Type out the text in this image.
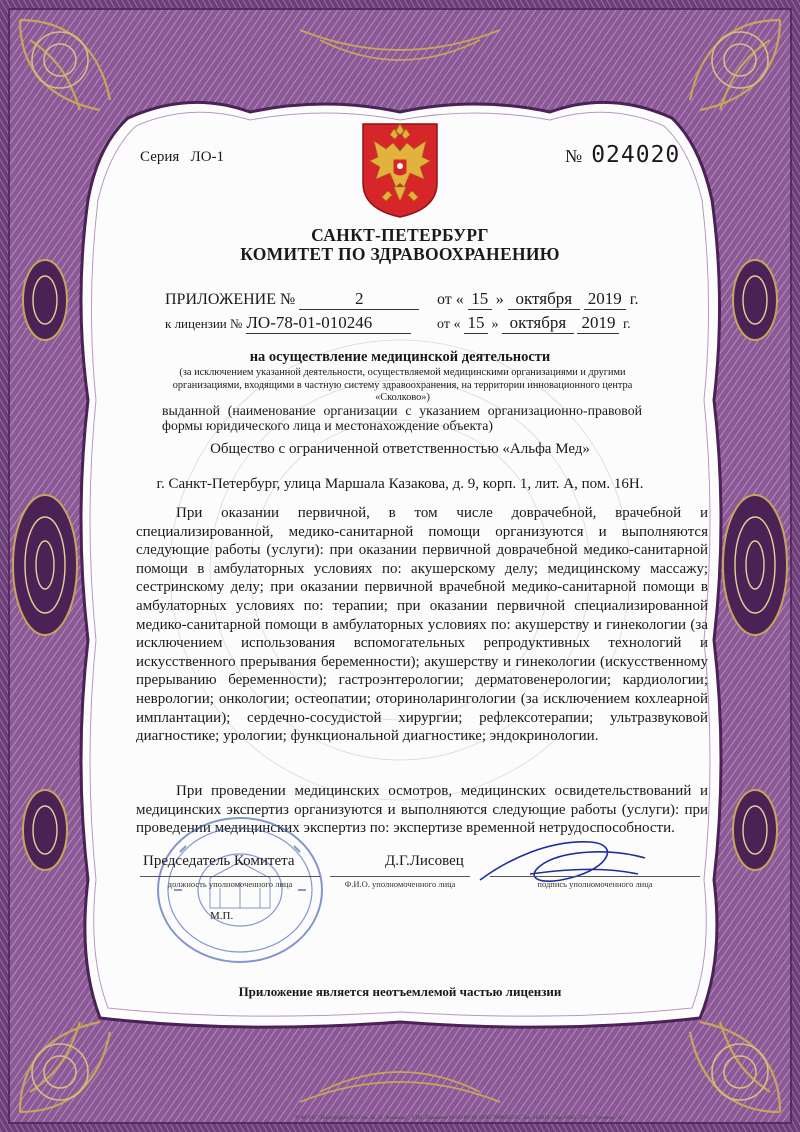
Серия ЛО-1	№ 024020
САНКТ-ПЕТЕРБУРГ
КОМИТЕТ ПО ЗДРАВООХРАНЕНИЮ
ПРИЛОЖЕНИЕ №	2	от « 15 » октября 2019 г.
к лицензии № ЛО-78-01-010246	от « 15 » октября 2019 г.
на осуществление медицинской деятельности
(за исключением указанной деятельности, осуществляемой медицинскими организациями и другими организациями, входящими в частную систему здравоохранения, на территории инновационного центра «Сколково»)
выданной (наименование организации с указанием организационно-правовой формы юридического лица и местонахождение объекта)
Общество с ограниченной ответственностью «Альфа Мед»
г. Санкт-Петербург, улица Маршала Казакова, д. 9, корп. 1, лит. А, пом. 16Н.
При оказании первичной, в том числе доврачебной, врачебной и специализированной, медико-санитарной помощи организуются и выполняются следующие работы (услуги): при оказании первичной доврачебной медико-санитарной помощи в амбулаторных условиях по: акушерскому делу; медицинскому массажу; сестринскому делу; при оказании первичной врачебной медико-санитарной помощи в амбулаторных условиях по: терапии; при оказании первичной специализированной медико-санитарной помощи в амбулаторных условиях по: акушерству и гинекологии (за исключением использования вспомогательных репродуктивных технологий и искусственного прерывания беременности); акушерству и гинекологии (искусственному прерыванию беременности); гастроэнтерологии; дерматовенерологии; кардиологии; неврологии; онкологии; остеопатии; оториноларингологии (за исключением кохлеарной имплантации); сердечно-сосудистой хирургии; рефлексотерапии; ультразвуковой диагностике; урологии; функциональной диагностике; эндокринологии.
При проведении медицинских осмотров, медицинских освидетельствований и медицинских экспертиз организуются и выполняются следующие работы (услуги): при проведении медицинских экспертиз по: экспертизе временной нетрудоспособности.
Председатель Комитета	Д.Г.Лисовец
должность уполномоченного лица	Ф.И.О. уполномоченного лица	подпись уполномоченного лица
М.П.
Приложение является неотъемлемой частью лицензии
© ФГУП "Типография №12 им. М. И. Лоханова", СПб, Лицензия 03-05-09/19, ИНН 7809032741, Зак. 183019, Тир. 4000, 2018 г. Уровень "А".
